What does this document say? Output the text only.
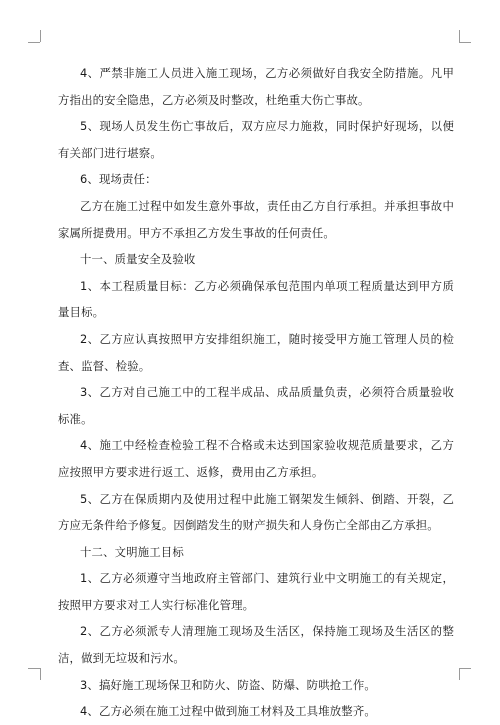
4、严禁非施工人员进入施工现场，乙方必须做好自我安全防措施。凡甲方指出的安全隐患，乙方必须及时整改，杜绝重大伤亡事故。

5、现场人员发生伤亡事故后，双方应尽力施救，同时保护好现场，以便有关部门进行堪察。

6、现场责任：

乙方在施工过程中如发生意外事故，责任由乙方自行承担。并承担事故中家属所提费用。甲方不承担乙方发生事故的任何责任。

十一、质量安全及验收

1、本工程质量目标：乙方必须确保承包范围内单项工程质量达到甲方质量目标。

2、乙方应认真按照甲方安排组织施工，随时接受甲方施工管理人员的检查、监督、检验。

3、乙方对自己施工中的工程半成品、成品质量负责，必须符合质量验收标准。

4、施工中经检查检验工程不合格或未达到国家验收规范质量要求，乙方应按照甲方要求进行返工、返修，费用由乙方承担。

5、乙方在保质期内及使用过程中此施工钢架发生倾斜、倒踏、开裂，乙方应无条件给予修复。因倒踏发生的财产损失和人身伤亡全部由乙方承担。

十二、文明施工目标

1、乙方必须遵守当地政府主管部门、建筑行业中文明施工的有关规定，按照甲方要求对工人实行标准化管理。

2、乙方必须派专人清理施工现场及生活区，保持施工现场及生活区的整洁，做到无垃圾和污水。

3、搞好施工现场保卫和防火、防盗、防爆、防哄抢工作。

4、乙方必须在施工过程中做到施工材料及工具堆放整齐。
